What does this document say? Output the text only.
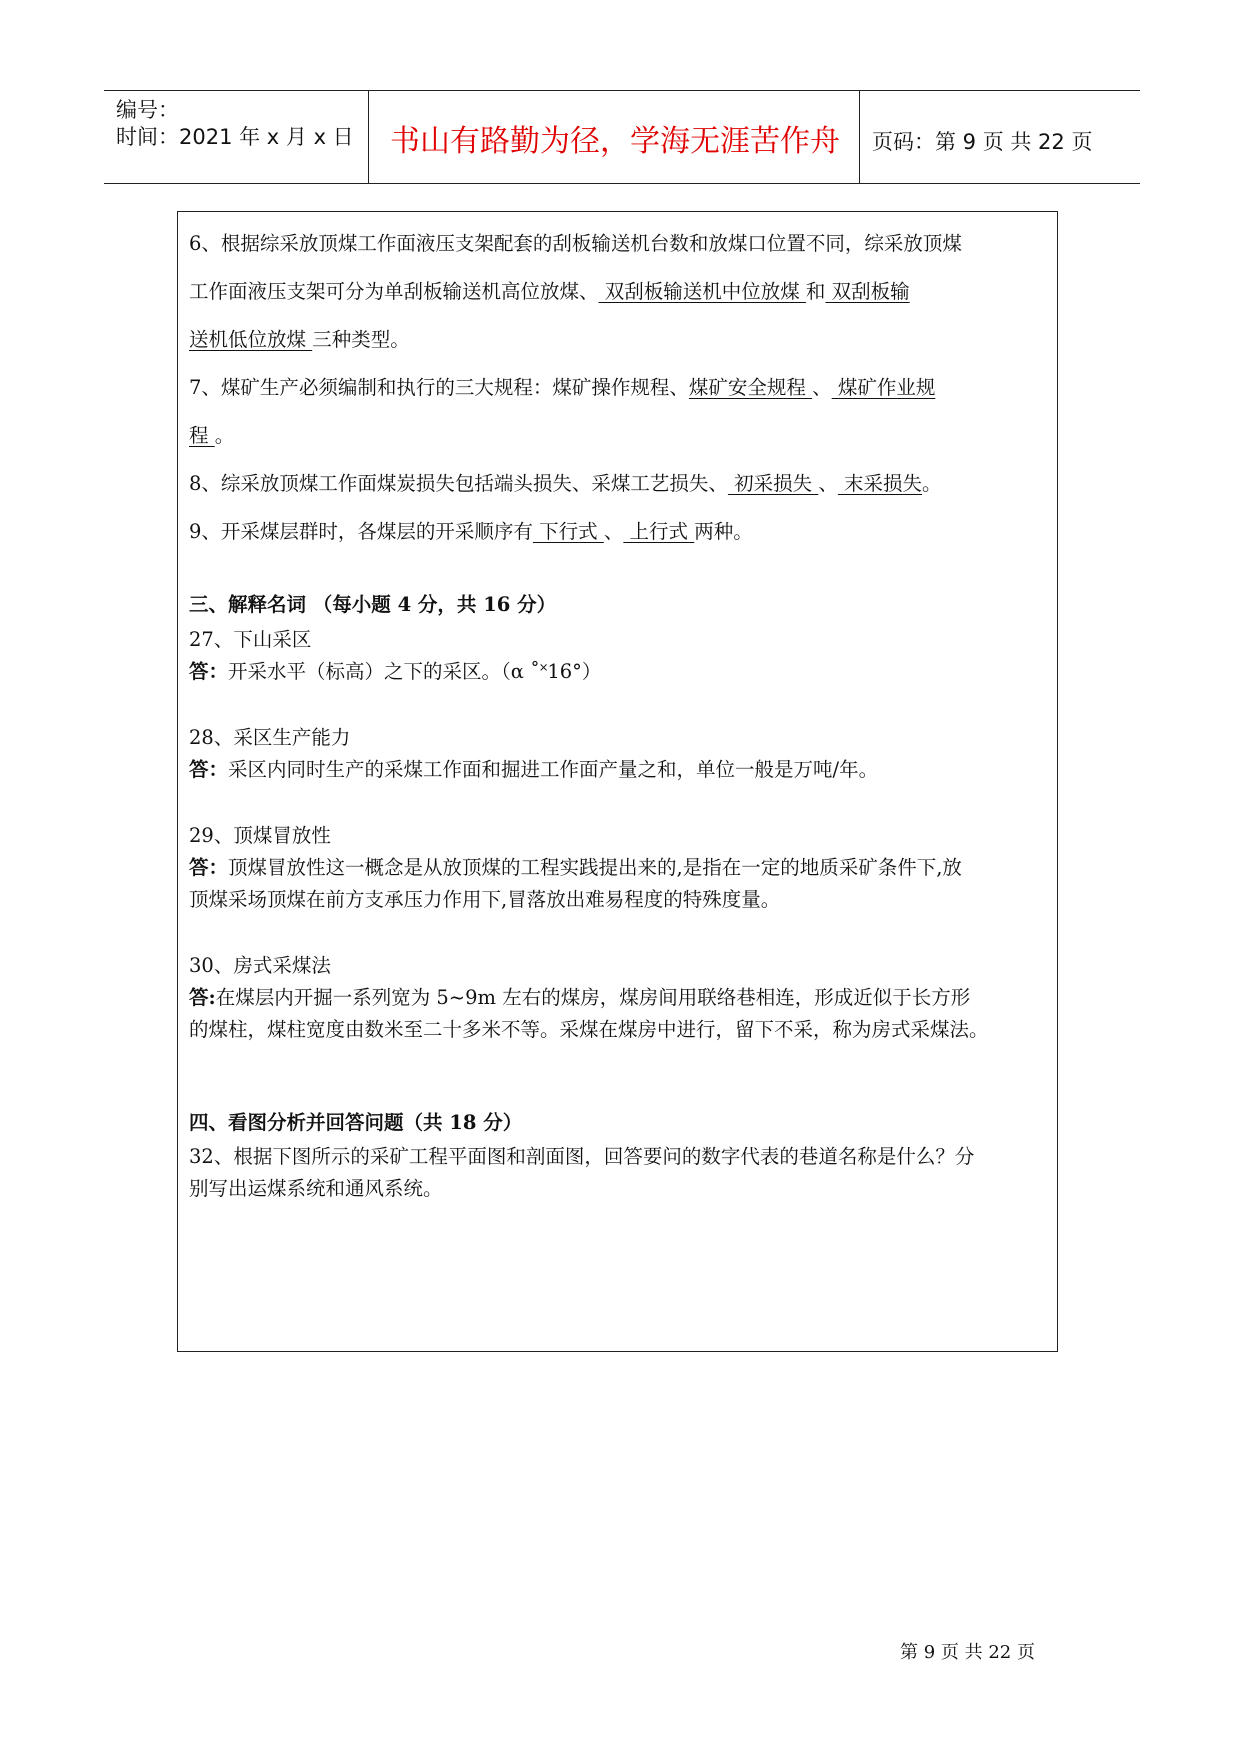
编号：
时间：2021 年 x 月 x 日	书山有路勤为径，学海无涯苦作舟	页码：第 9 页 共 22 页
6、根据综采放顶煤工作面液压支架配套的刮板输送机台数和放煤口位置不同，综采放顶煤
工作面液压支架可分为单刮板输送机高位放煤、 双刮板输送机中位放煤 和 双刮板输
送机低位放煤 三种类型。
7、煤矿生产必须编制和执行的三大规程：煤矿操作规程、煤矿安全规程 、 煤矿作业规
程 。
8、综采放顶煤工作面煤炭损失包括端头损失、采煤工艺损失、 初采损失 、 末采损失。
9、开采煤层群时，各煤层的开采顺序有 下行式 、 上行式 两种。
三、解释名词 （每小题 4 分，共 16 分）
27、下山采区
答：开采水平（标高）之下的采区。（α ˚˟16°）
28、采区生产能力
答：采区内同时生产的采煤工作面和掘进工作面产量之和，单位一般是万吨/年。
29、顶煤冒放性
答：顶煤冒放性这一概念是从放顶煤的工程实践提出来的,是指在一定的地质采矿条件下,放
顶煤采场顶煤在前方支承压力作用下,冒落放出难易程度的特殊度量。
30、房式采煤法
答:在煤层内开掘一系列宽为 5~9m 左右的煤房，煤房间用联络巷相连，形成近似于长方形
的煤柱，煤柱宽度由数米至二十多米不等。采煤在煤房中进行，留下不采，称为房式采煤法。
四、看图分析并回答问题（共 18 分）
32、根据下图所示的采矿工程平面图和剖面图，回答要问的数字代表的巷道名称是什么？分
别写出运煤系统和通风系统。
第 9 页 共 22 页
